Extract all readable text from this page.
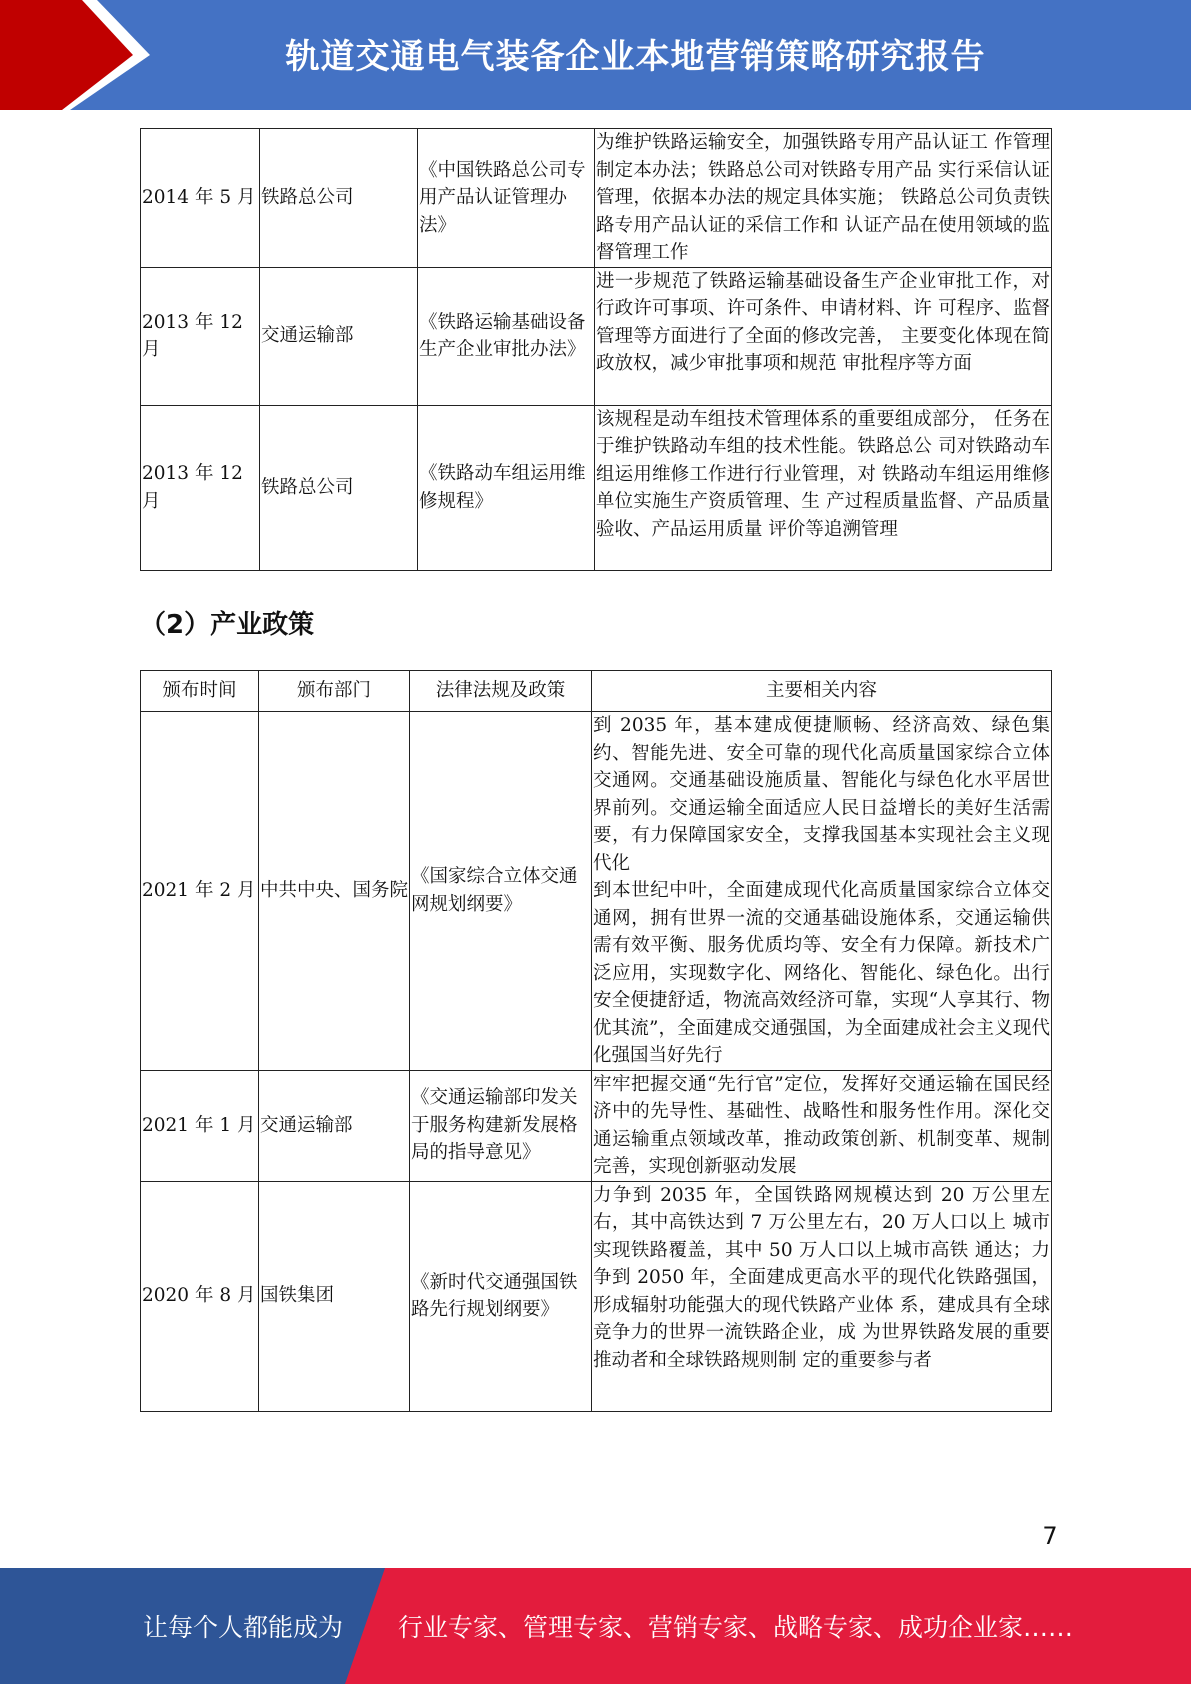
轨道交通电气装备企业本地营销策略研究报告
2014 年 5 月	铁路总公司	《中国铁路总公司专用产品认证管理办法》	为维护铁路运输安全，加强铁路专用产品认证工 作管理制定本办法；铁路总公司对铁路专用产品 实行采信认证管理，依据本办法的规定具体实施； 铁路总公司负责铁路专用产品认证的采信工作和 认证产品在使用领域的监督管理工作
2013 年 12 月	交通运输部	《铁路运输基础设备生产企业审批办法》	进一步规范了铁路运输基础设备生产企业审批工作，对行政许可事项、许可条件、申请材料、许 可程序、监督管理等方面进行了全面的修改完善， 主要变化体现在简政放权，减少审批事项和规范 审批程序等方面
2013 年 12 月	铁路总公司	《铁路动车组运用维修规程》	该规程是动车组技术管理体系的重要组成部分， 任务在于维护铁路动车组的技术性能。铁路总公 司对铁路动车组运用维修工作进行行业管理，对 铁路动车组运用维修单位实施生产资质管理、生 产过程质量监督、产品质量验收、产品运用质量 评价等追溯管理
（2）产业政策
颁布时间	颁布部门	法律法规及政策	主要相关内容
2021 年 2 月	中共中央、国务院	《国家综合立体交通网规划纲要》	到 2035 年，基本建成便捷顺畅、经济高效、绿色集约、智能先进、安全可靠的现代化高质量国家综合立体交通网。交通基础设施质量、智能化与绿色化水平居世界前列。交通运输全面适应人民日益增长的美好生活需要，有力保障国家安全，支撑我国基本实现社会主义现代化
到本世纪中叶，全面建成现代化高质量国家综合立体交通网，拥有世界一流的交通基础设施体系，交通运输供需有效平衡、服务优质均等、安全有力保障。新技术广泛应用，实现数字化、网络化、智能化、绿色化。出行安全便捷舒适，物流高效经济可靠，实现“人享其行、物优其流”，全面建成交通强国，为全面建成社会主义现代化强国当好先行

2021 年 1 月	交通运输部	《交通运输部印发关于服务构建新发展格局的指导意见》	牢牢把握交通“先行官”定位，发挥好交通运输在国民经济中的先导性、基础性、战略性和服务性作用。深化交通运输重点领域改革，推动政策创新、机制变革、规制完善，实现创新驱动发展
2020 年 8 月	国铁集团	《新时代交通强国铁路先行规划纲要》	力争到 2035 年，全国铁路网规模达到 20 万公里左右，其中高铁达到 7 万公里左右，20 万人口以上 城市实现铁路覆盖，其中 50 万人口以上城市高铁 通达；力争到 2050 年，全面建成更高水平的现代化铁路强国，形成辐射功能强大的现代铁路产业体 系，建成具有全球竞争力的世界一流铁路企业，成 为世界铁路发展的重要推动者和全球铁路规则制 定的重要参与者
7
让每个人都能成为 行业专家、管理专家、营销专家、战略专家、成功企业家……
